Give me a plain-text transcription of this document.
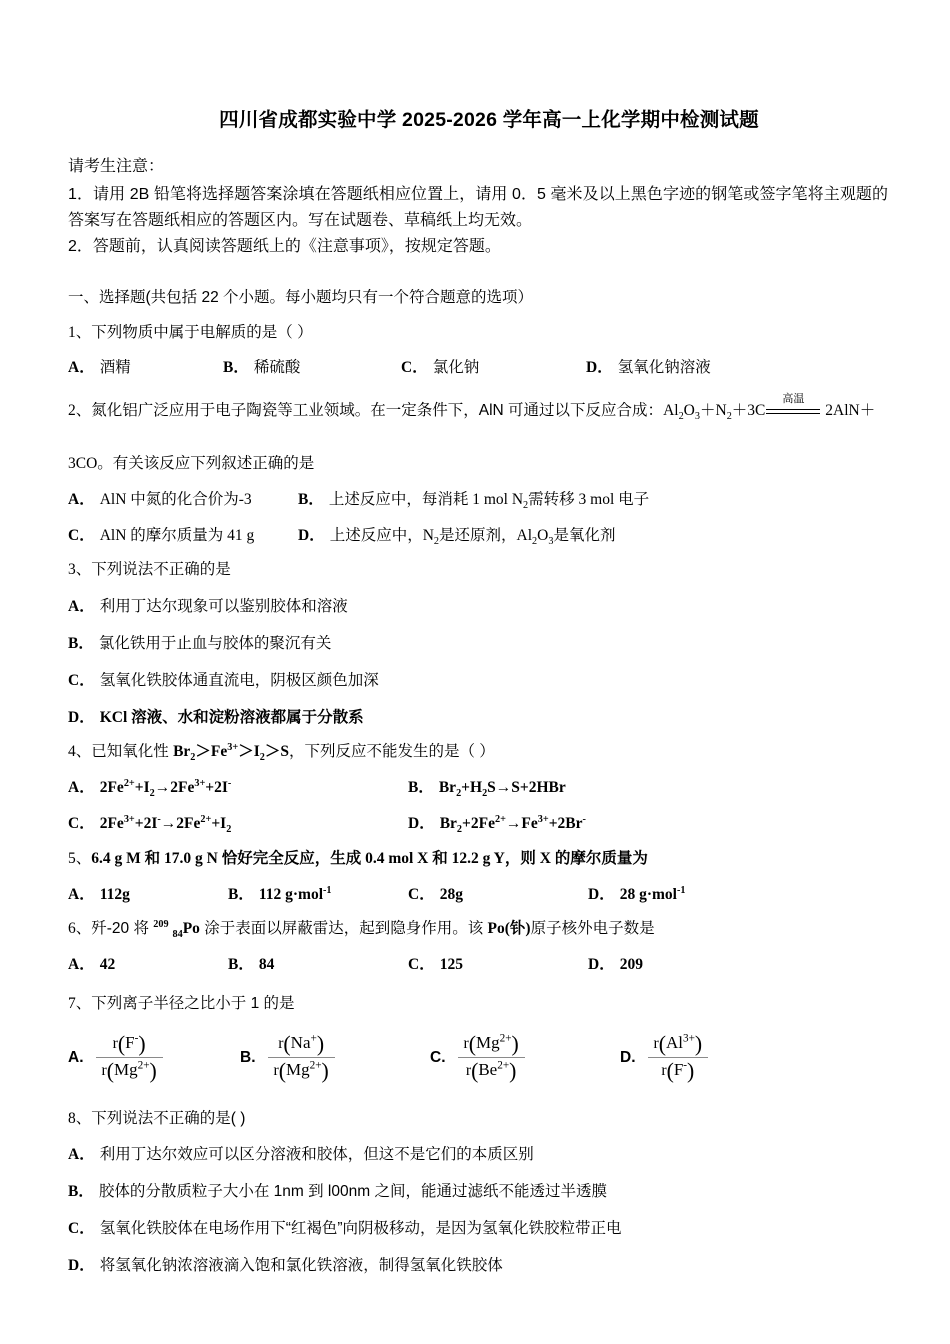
四川省成都实验中学 2025-2026 学年高一上化学期中检测试题

请考生注意：

1．请用 2B 铅笔将选择题答案涂填在答题纸相应位置上，请用 0．5 毫米及以上黑色字迹的钢笔或签字笔将主观题的答案写在答题纸相应的答题区内。写在试题卷、草稿纸上均无效。

2．答题前，认真阅读答题纸上的《注意事项》，按规定答题。

一、选择题(共包括 22 个小题。每小题均只有一个符合题意的选项）

1、下列物质中属于电解质的是（ ）

A． 酒精	B． 稀硫酸	C． 氯化钠	D． 氢氧化钠溶液

2、氮化铝广泛应用于电子陶瓷等工业领域。在一定条件下，AlN 可通过以下反应合成：$Al_2O_3+N_2+3C$
高温
2AlN＋

3CO。有关该反应下列叙述正确的是

A． AlN 中氮的化合价为-3	B． 上述反应中，每消耗 1 mol $N_2$需转移 3 mol 电子
C． AlN 的摩尔质量为 41 g	D． 上述反应中，$N_2$是还原剂，$Al_2O_3$是氧化剂

3、下列说法不正确的是

A． 利用丁达尔现象可以鉴别胶体和溶液

B． 氯化铁用于止血与胶体的聚沉有关

C． 氢氧化铁胶体通直流电，阴极区颜色加深

D． KCl 溶液、水和淀粉溶液都属于分散系

4、已知氧化性 $Br_2>Fe^{3+}>I_2>S$，下列反应不能发生的是（ ）

A． $2Fe^{2+}+I_2\to 2Fe^{3+}+2I^-$	B． $Br_2+H_2S\to S+2HBr$
C． $2Fe^{3+}+2I^-\to 2Fe^{2+}+I_2$	D． $Br_2+2Fe^{2+}\to Fe^{3+}+2Br^-$

5、6.4 g M 和 17.0 g N 恰好完全反应，生成 0.4 mol X 和 12.2 g Y，则 X 的摩尔质量为

A． 112g	B． 112 g·mol$^{-1}$	C． 28g	D． 28 g·mol$^{-1}$

6、歼-20 将 $^{209}$ $_{84}$Po 涂于表面以屏蔽雷达，起到隐身作用。该 Po(钋)原子核外电子数是

A． 42	B． 84	C． 125	D． 209

7、下列离子半径之比小于 1 的是

A. $\frac{r(F^-)}{r(Mg^{2+})}$	B. $\frac{r(Na^+)}{r(Mg^{2+})}$	C. $\frac{r(Mg^{2+})}{r(Be^{2+})}$	D. $\frac{r(Al^{3+})}{r(F^-)}$

8、下列说法不正确的是( )

A． 利用丁达尔效应可以区分溶液和胶体，但这不是它们的本质区别

B． 胶体的分散质粒子大小在 1nm 到 l00nm 之间，能通过滤纸不能透过半透膜

C． 氢氧化铁胶体在电场作用下“红褐色”向阴极移动，是因为氢氧化铁胶粒带正电

D． 将氢氧化钠浓溶液滴入饱和氯化铁溶液，制得氢氧化铁胶体
